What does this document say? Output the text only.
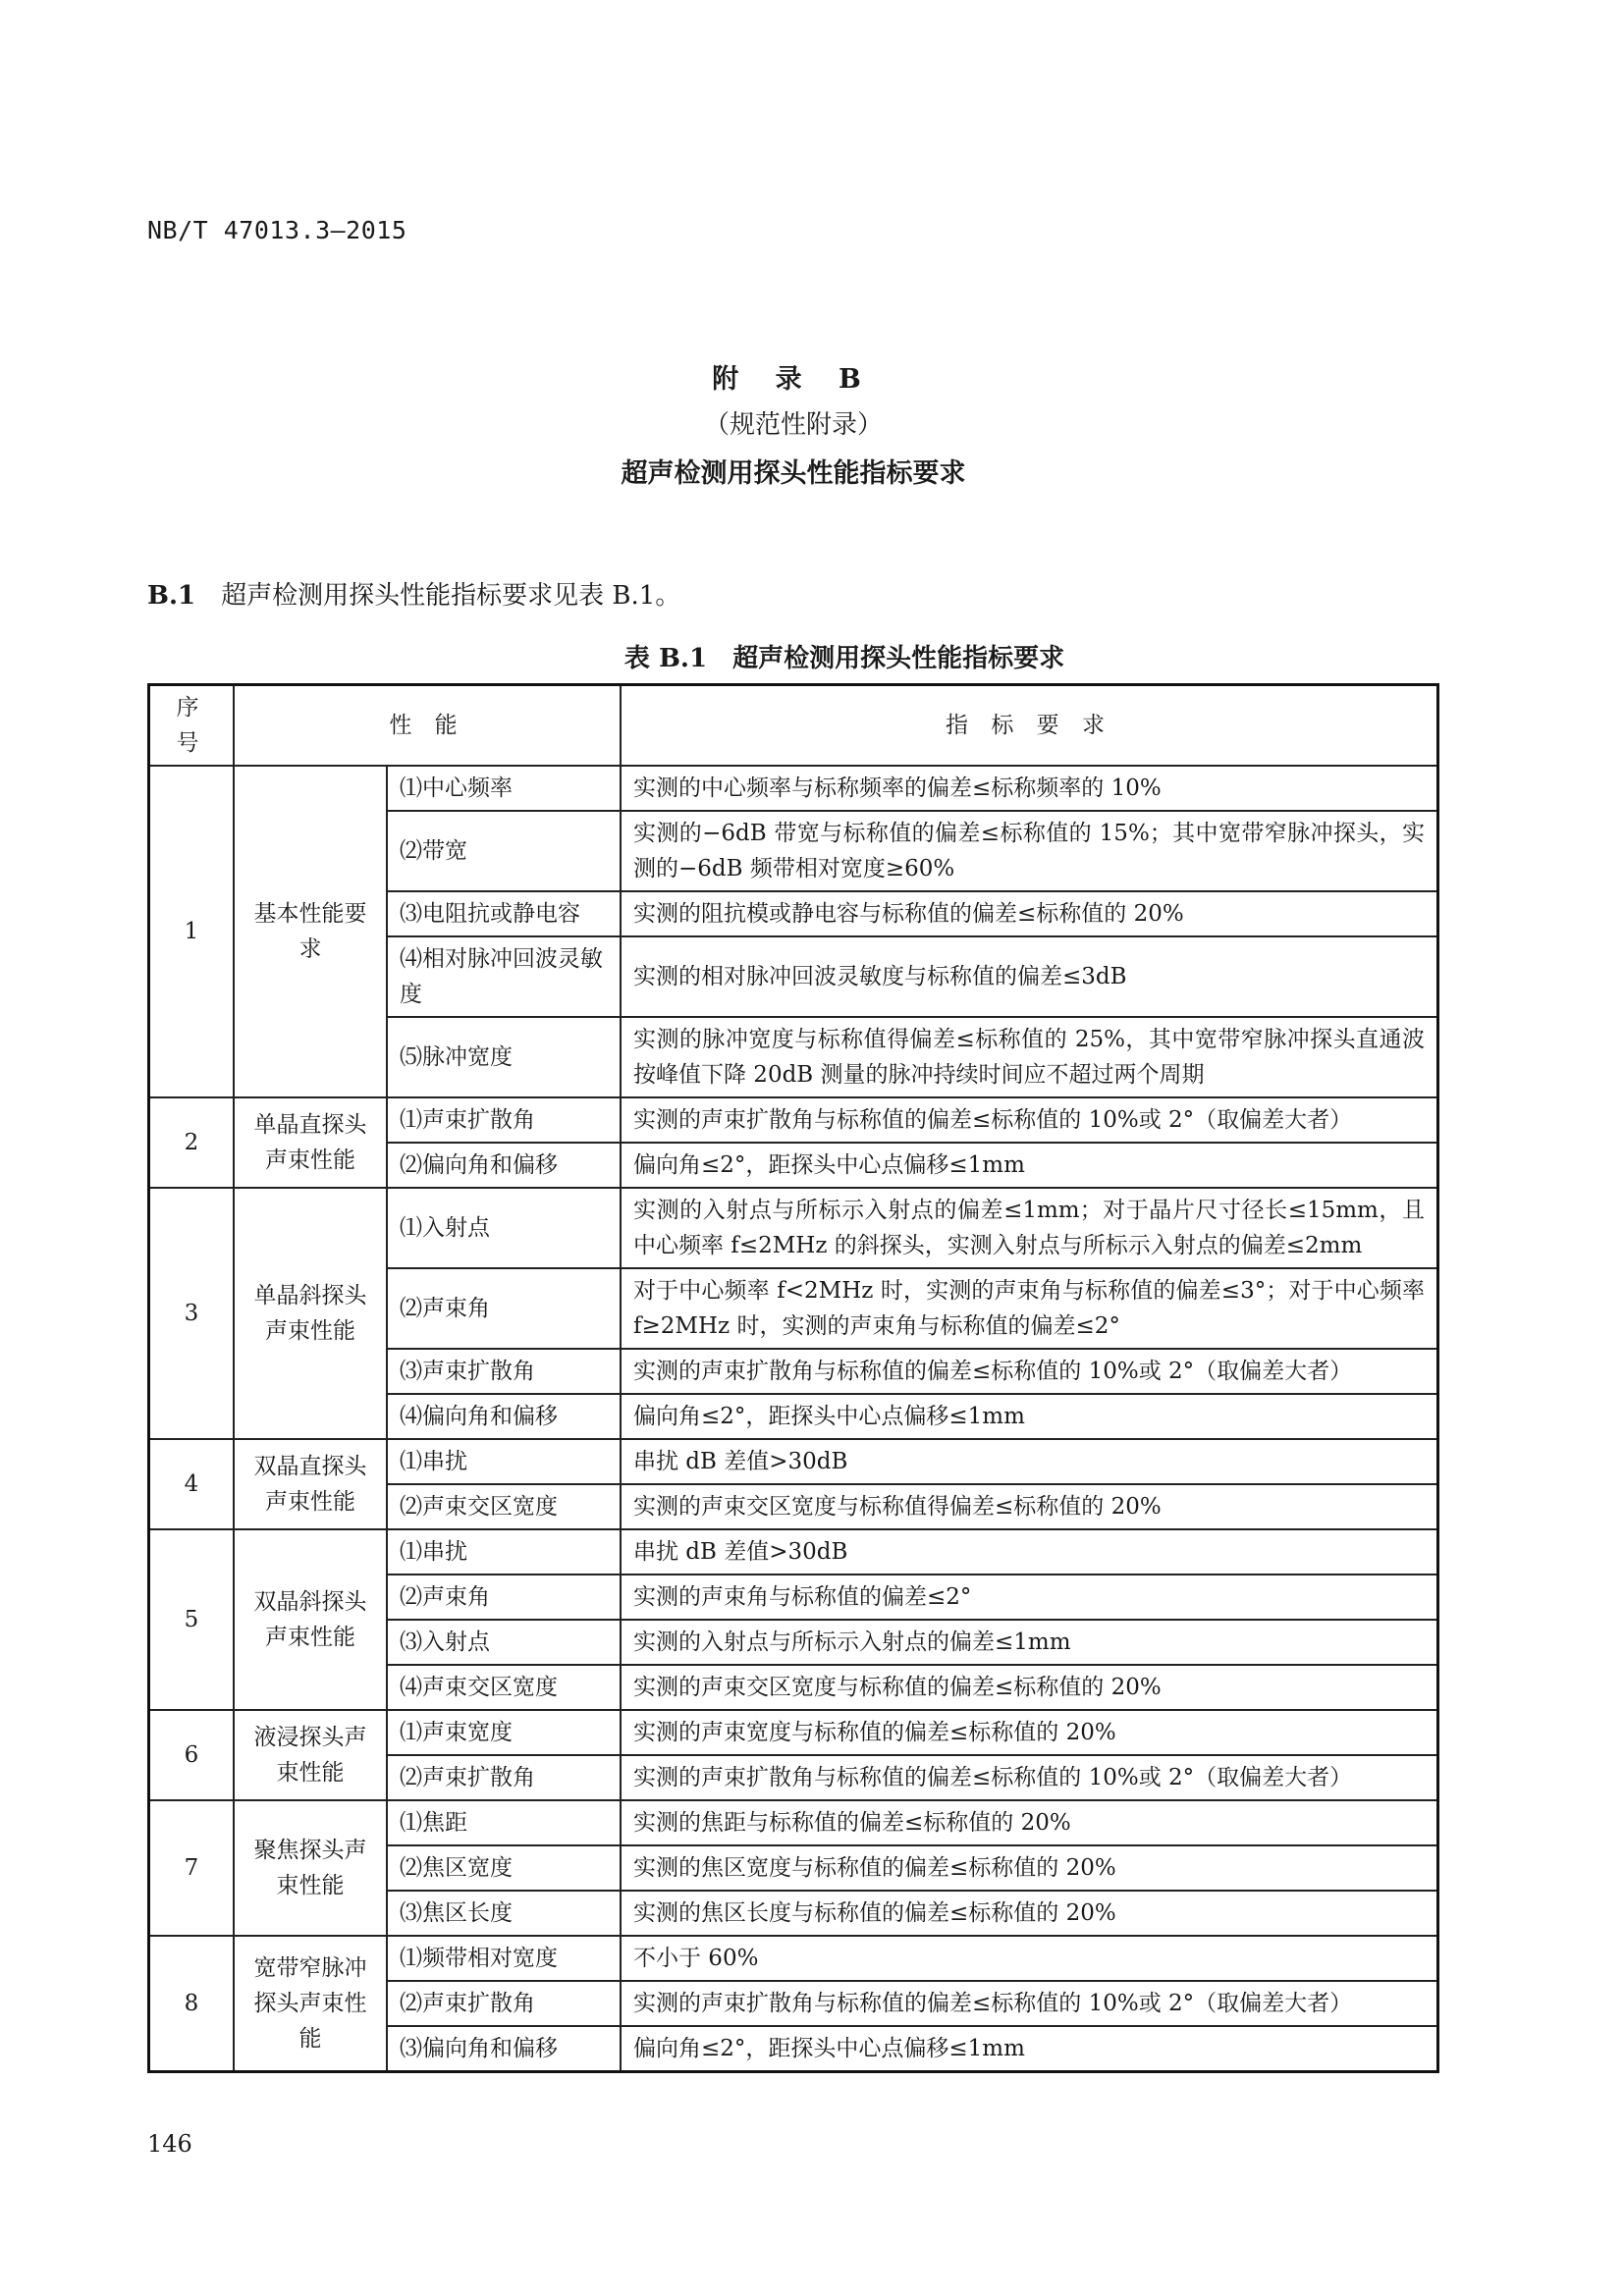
NB/T 47013.3—2015
附 录 B
（规范性附录）
超声检测用探头性能指标要求
B.1 超声检测用探头性能指标要求见表 B.1。
表 B.1 超声检测用探头性能指标要求
序号	性 能		指 标 要 求
1	基本性能要求	⑴中心频率	实测的中心频率与标称频率的偏差≤标称频率的 10%
		⑵带宽	实测的−6dB 带宽与标称值的偏差≤标称值的 15%；其中宽带窄脉冲探头，实测的−6dB 频带相对宽度≥60%
		⑶电阻抗或静电容	实测的阻抗模或静电容与标称值的偏差≤标称值的 20%
		⑷相对脉冲回波灵敏度	实测的相对脉冲回波灵敏度与标称值的偏差≤3dB
		⑸脉冲宽度	实测的脉冲宽度与标称值得偏差≤标称值的 25%，其中宽带窄脉冲探头直通波按峰值下降 20dB 测量的脉冲持续时间应不超过两个周期
2	单晶直探头声束性能	⑴声束扩散角	实测的声束扩散角与标称值的偏差≤标称值的 10%或 2°（取偏差大者）
		⑵偏向角和偏移	偏向角≤2°，距探头中心点偏移≤1mm
3	单晶斜探头声束性能	⑴入射点	实测的入射点与所标示入射点的偏差≤1mm；对于晶片尺寸径长≤15mm，且中心频率 f≤2MHz 的斜探头，实测入射点与所标示入射点的偏差≤2mm
		⑵声束角	对于中心频率 f<2MHz 时，实测的声束角与标称值的偏差≤3°；对于中心频率 f≥2MHz 时，实测的声束角与标称值的偏差≤2°
		⑶声束扩散角	实测的声束扩散角与标称值的偏差≤标称值的 10%或 2°（取偏差大者）
		⑷偏向角和偏移	偏向角≤2°，距探头中心点偏移≤1mm
4	双晶直探头声束性能	⑴串扰	串扰 dB 差值>30dB
		⑵声束交区宽度	实测的声束交区宽度与标称值得偏差≤标称值的 20%
5	双晶斜探头声束性能	⑴串扰	串扰 dB 差值>30dB
		⑵声束角	实测的声束角与标称值的偏差≤2°
		⑶入射点	实测的入射点与所标示入射点的偏差≤1mm
		⑷声束交区宽度	实测的声束交区宽度与标称值的偏差≤标称值的 20%
6	液浸探头声束性能	⑴声束宽度	实测的声束宽度与标称值的偏差≤标称值的 20%
		⑵声束扩散角	实测的声束扩散角与标称值的偏差≤标称值的 10%或 2°（取偏差大者）
7	聚焦探头声束性能	⑴焦距	实测的焦距与标称值的偏差≤标称值的 20%
		⑵焦区宽度	实测的焦区宽度与标称值的偏差≤标称值的 20%
		⑶焦区长度	实测的焦区长度与标称值的偏差≤标称值的 20%
8	宽带窄脉冲探头声束性能	⑴频带相对宽度	不小于 60%
		⑵声束扩散角	实测的声束扩散角与标称值的偏差≤标称值的 10%或 2°（取偏差大者）
		⑶偏向角和偏移	偏向角≤2°，距探头中心点偏移≤1mm
146
